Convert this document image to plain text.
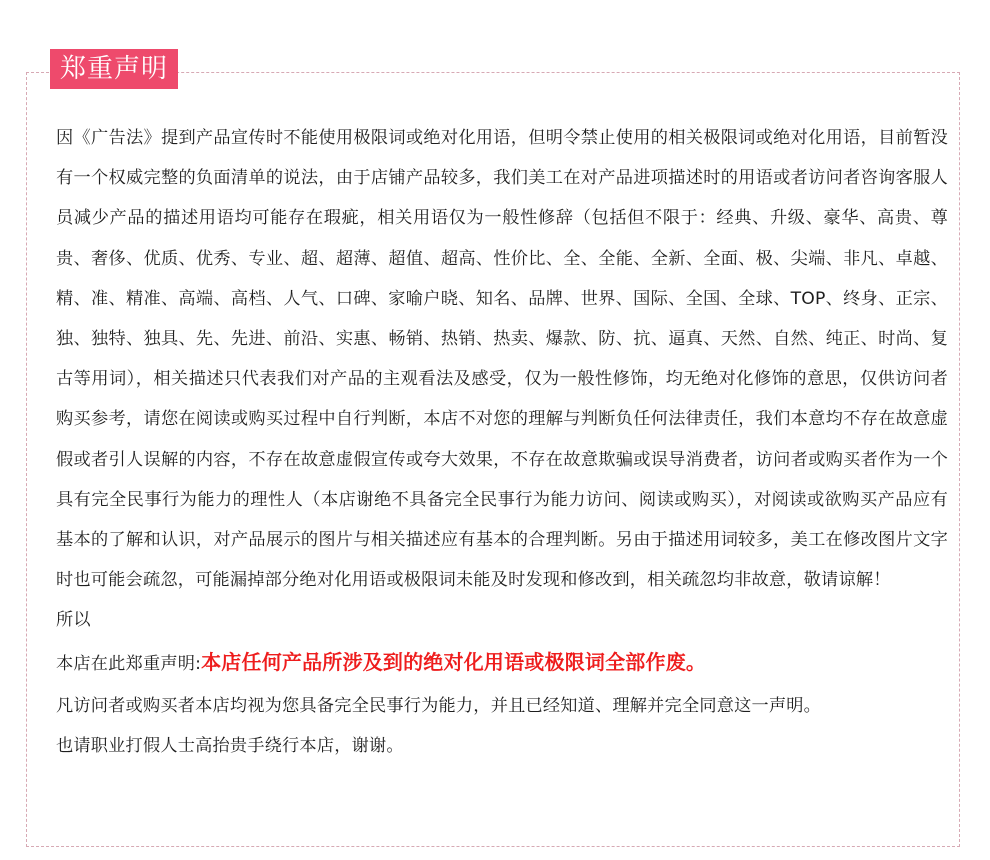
郑重声明

因《广告法》提到产品宣传时不能使用极限词或绝对化用语，但明令禁止使用的相关极限词或绝对化用语，目前暂没有一个权威完整的负面清单的说法，由于店铺产品较多，我们美工在对产品进项描述时的用语或者访问者咨询客服人员减少产品的描述用语均可能存在瑕疵，相关用语仅为一般性修辞（包括但不限于：经典、升级、豪华、高贵、尊贵、奢侈、优质、优秀、专业、超、超薄、超值、超高、性价比、全、全能、全新、全面、极、尖端、非凡、卓越、精、准、精准、高端、高档、人气、口碑、家喻户晓、知名、品牌、世界、国际、全国、全球、TOP、终身、正宗、独、独特、独具、先、先进、前沿、实惠、畅销、热销、热卖、爆款、防、抗、逼真、天然、自然、纯正、时尚、复古等用词），相关描述只代表我们对产品的主观看法及感受，仅为一般性修饰，均无绝对化修饰的意思，仅供访问者购买参考，请您在阅读或购买过程中自行判断，本店不对您的理解与判断负任何法律责任，我们本意均不存在故意虚假或者引人误解的内容，不存在故意虚假宣传或夸大效果，不存在故意欺骗或误导消费者，访问者或购买者作为一个具有完全民事行为能力的理性人（本店谢绝不具备完全民事行为能力访问、阅读或购买），对阅读或欲购买产品应有基本的了解和认识，对产品展示的图片与相关描述应有基本的合理判断。另由于描述用词较多，美工在修改图片文字时也可能会疏忽，可能漏掉部分绝对化用语或极限词未能及时发现和修改到，相关疏忽均非故意，敬请谅解！

所以

本店在此郑重声明:本店任何产品所涉及到的绝对化用语或极限词全部作废。

凡访问者或购买者本店均视为您具备完全民事行为能力，并且已经知道、理解并完全同意这一声明。

也请职业打假人士高抬贵手绕行本店，谢谢。
